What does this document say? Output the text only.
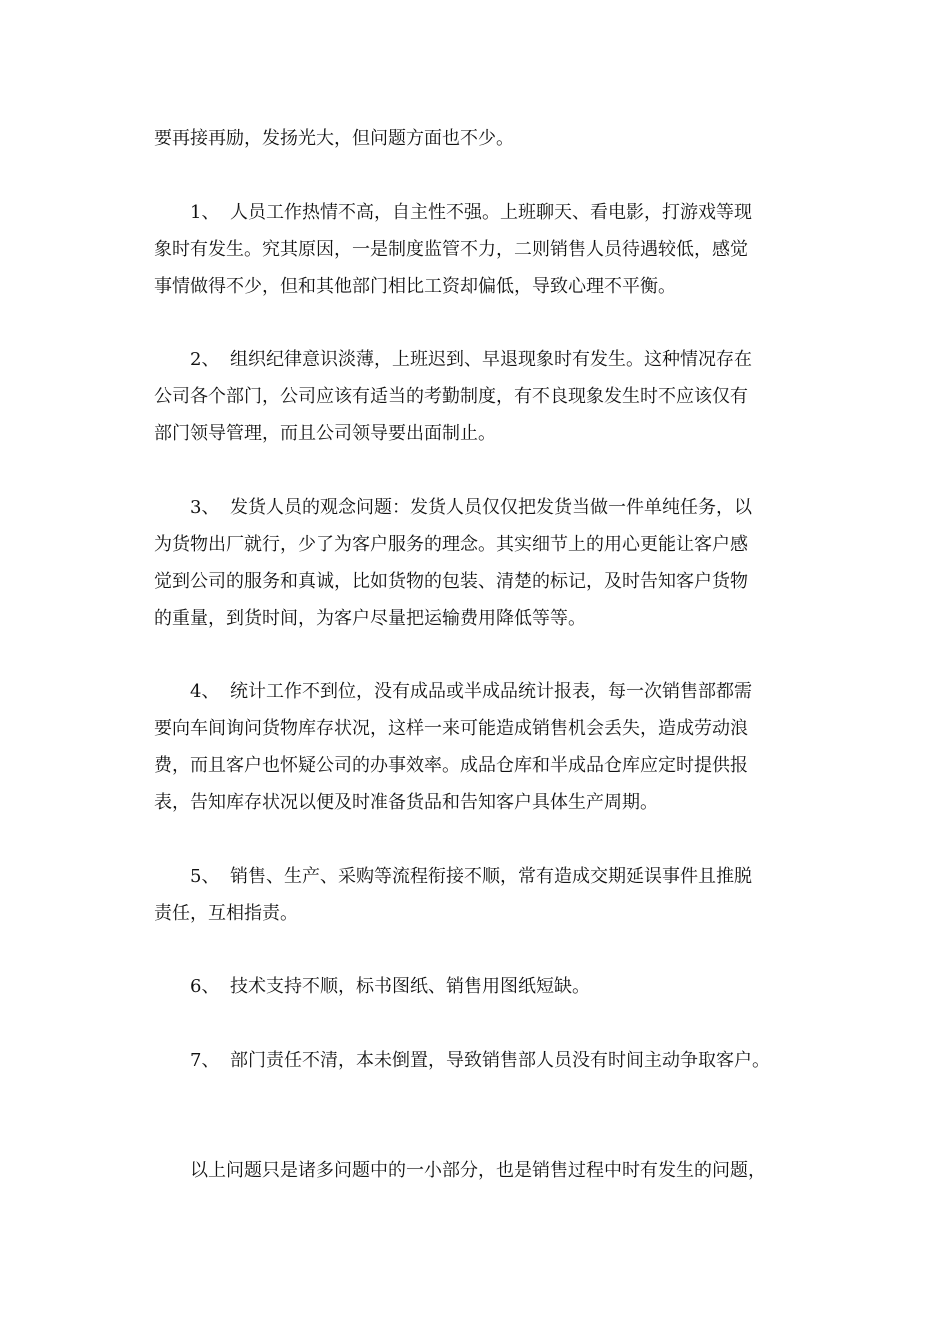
要再接再励，发扬光大，但问题方面也不少。

1、 人员工作热情不高，自主性不强。上班聊天、看电影，打游戏等现

象时有发生。究其原因，一是制度监管不力，二则销售人员待遇较低，感觉

事情做得不少，但和其他部门相比工资却偏低，导致心理不平衡。

2、 组织纪律意识淡薄，上班迟到、早退现象时有发生。这种情况存在

公司各个部门，公司应该有适当的考勤制度，有不良现象发生时不应该仅有

部门领导管理，而且公司领导要出面制止。

3、 发货人员的观念问题：发货人员仅仅把发货当做一件单纯任务，以

为货物出厂就行，少了为客户服务的理念。其实细节上的用心更能让客户感

觉到公司的服务和真诚，比如货物的包装、清楚的标记，及时告知客户货物

的重量，到货时间，为客户尽量把运输费用降低等等。

4、 统计工作不到位，没有成品或半成品统计报表，每一次销售部都需

要向车间询问货物库存状况，这样一来可能造成销售机会丢失，造成劳动浪

费，而且客户也怀疑公司的办事效率。成品仓库和半成品仓库应定时提供报

表，告知库存状况以便及时准备货品和告知客户具体生产周期。

5、 销售、生产、采购等流程衔接不顺，常有造成交期延误事件且推脱

责任，互相指责。

6、 技术支持不顺，标书图纸、销售用图纸短缺。

7、 部门责任不清，本未倒置，导致销售部人员没有时间主动争取客户。

以上问题只是诸多问题中的一小部分，也是销售过程中时有发生的问题，
